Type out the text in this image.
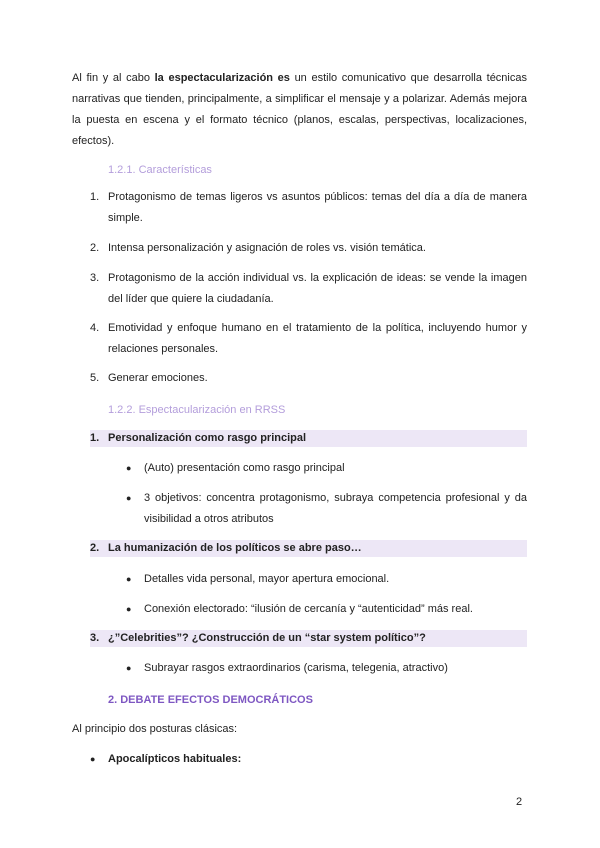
Al fin y al cabo la espectacularización es un estilo comunicativo que desarrolla técnicas narrativas que tienden, principalmente, a simplificar el mensaje y a polarizar. Además mejora la puesta en escena y el formato técnico (planos, escalas, perspectivas, localizaciones, efectos).

1.2.1. Características

1. Protagonismo de temas ligeros vs asuntos públicos: temas del día a día de manera simple.
2. Intensa personalización y asignación de roles vs. visión temática.
3. Protagonismo de la acción individual vs. la explicación de ideas: se vende la imagen del líder que quiere la ciudadanía.
4. Emotividad y enfoque humano en el tratamiento de la política, incluyendo humor y relaciones personales.
5. Generar emociones.

1.2.2. Espectacularización en RRSS

1. Personalización como rasgo principal
●	(Auto) presentación como rasgo principal
●	3 objetivos: concentra protagonismo, subraya competencia profesional y da visibilidad a otros atributos
2. La humanización de los políticos se abre paso…
●	Detalles vida personal, mayor apertura emocional.
●	Conexión electorado: “ilusión de cercanía y “autenticidad” más real.
3. ¿”Celebrities”? ¿Construcción de un “star system político”?
●	Subrayar rasgos extraordinarios (carisma, telegenia, atractivo)

2. DEBATE EFECTOS DEMOCRÁTICOS

Al principio dos posturas clásicas:

●	Apocalípticos habituales:
2
